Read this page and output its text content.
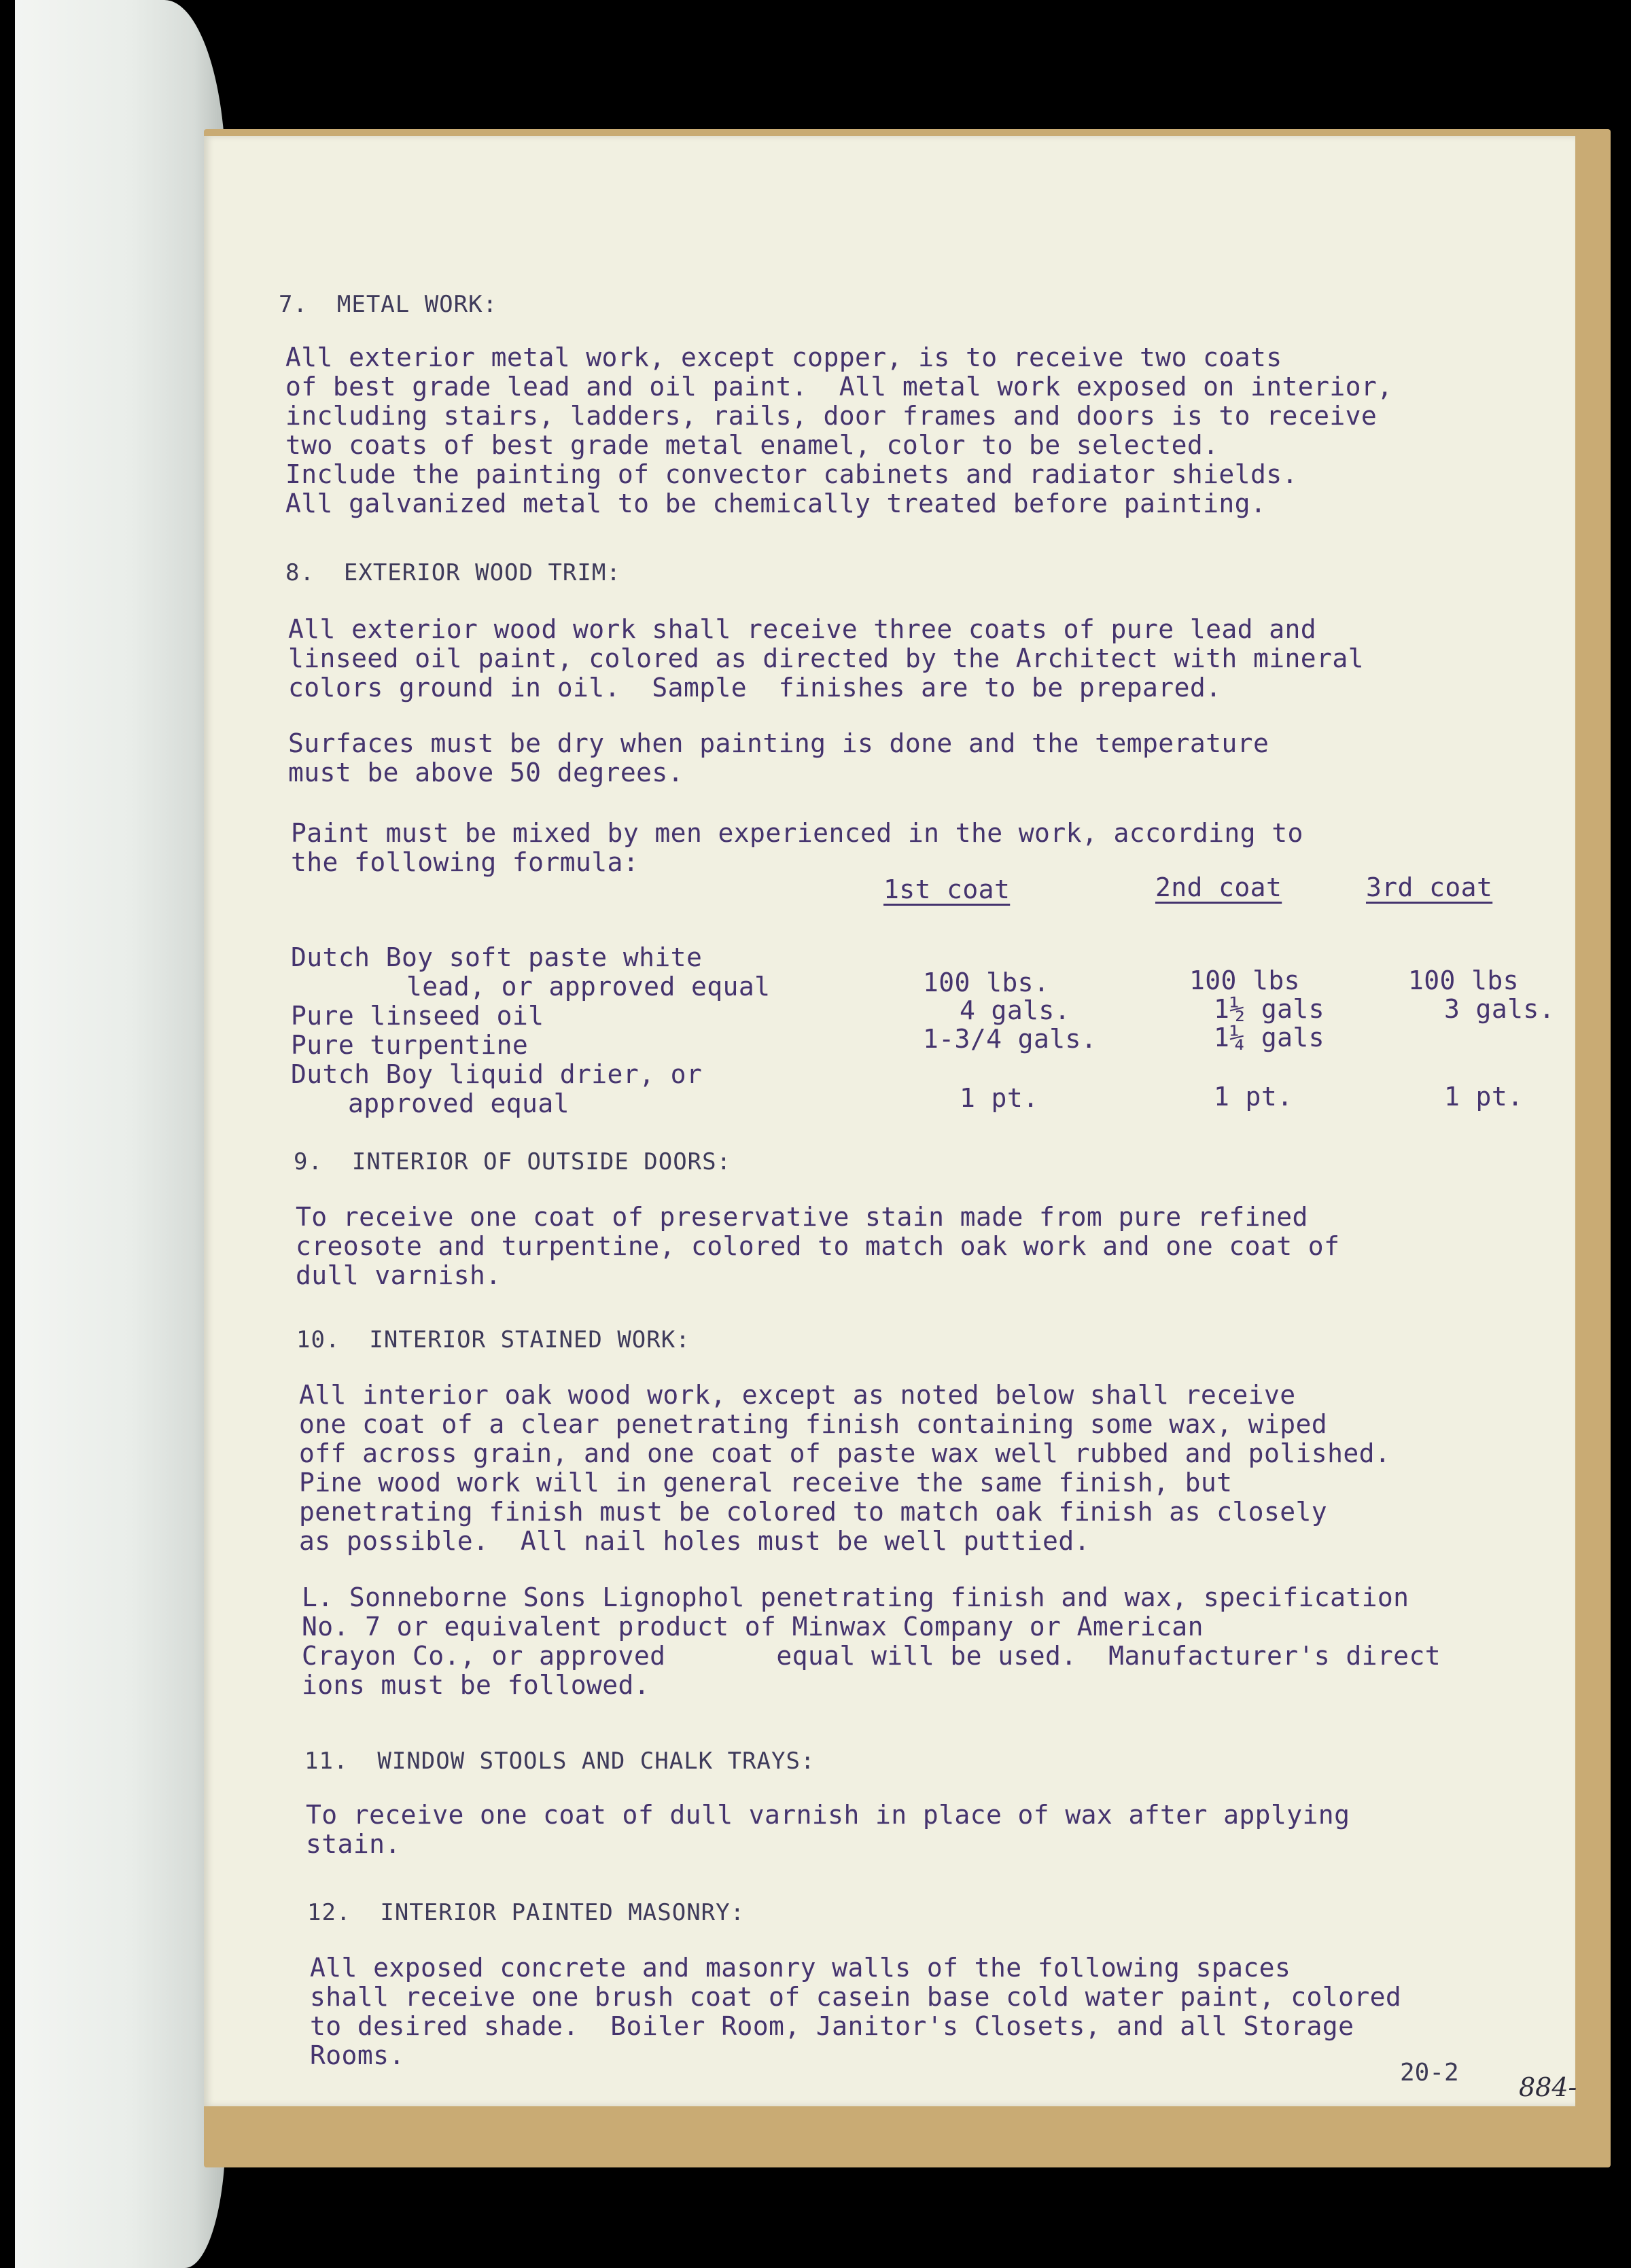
7.  METAL WORK:
All exterior metal work, except copper, is to receive two coats
of best grade lead and oil paint.  All metal work exposed on interior,
including stairs, ladders, rails, door frames and doors is to receive
two coats of best grade metal enamel, color to be selected.
Include the painting of convector cabinets and radiator shields.
All galvanized metal to be chemically treated before painting.
8.  EXTERIOR WOOD TRIM:
All exterior wood work shall receive three coats of pure lead and
linseed oil paint, colored as directed by the Architect with mineral
colors ground in oil.  Sample  finishes are to be prepared.
Surfaces must be dry when painting is done and the temperature
must be above 50 degrees.
Paint must be mixed by men experienced in the work, according to
the following formula:
1st coat	2nd coat	3rd coat
Dutch Boy soft paste white
lead, or approved equal	100 lbs.	100 lbs	100 lbs
Pure linseed oil	4 gals.	1½ gals	3 gals.
Pure turpentine	1-3/4 gals.	1¼ gals
Dutch Boy liquid drier, or
approved equal	1 pt.	1 pt.	1 pt.
9.  INTERIOR OF OUTSIDE DOORS:
To receive one coat of preservative stain made from pure refined
creosote and turpentine, colored to match oak work and one coat of
dull varnish.
10.  INTERIOR STAINED WORK:
All interior oak wood work, except as noted below shall receive
one coat of a clear penetrating finish containing some wax, wiped
off across grain, and one coat of paste wax well rubbed and polished.
Pine wood work will in general receive the same finish, but
penetrating finish must be colored to match oak finish as closely
as possible.  All nail holes must be well puttied.
L. Sonneborne Sons Lignophol penetrating finish and wax, specification
No. 7 or equivalent product of Minwax Company or American
Crayon Co., or approved       equal will be used.  Manufacturer's direct
ions must be followed.
11.  WINDOW STOOLS AND CHALK TRAYS:
To receive one coat of dull varnish in place of wax after applying
stain.
12.  INTERIOR PAINTED MASONRY:
All exposed concrete and masonry walls of the following spaces
shall receive one brush coat of casein base cold water paint, colored
to desired shade.  Boiler Room, Janitor's Closets, and all Storage
Rooms.
20-2 884-
